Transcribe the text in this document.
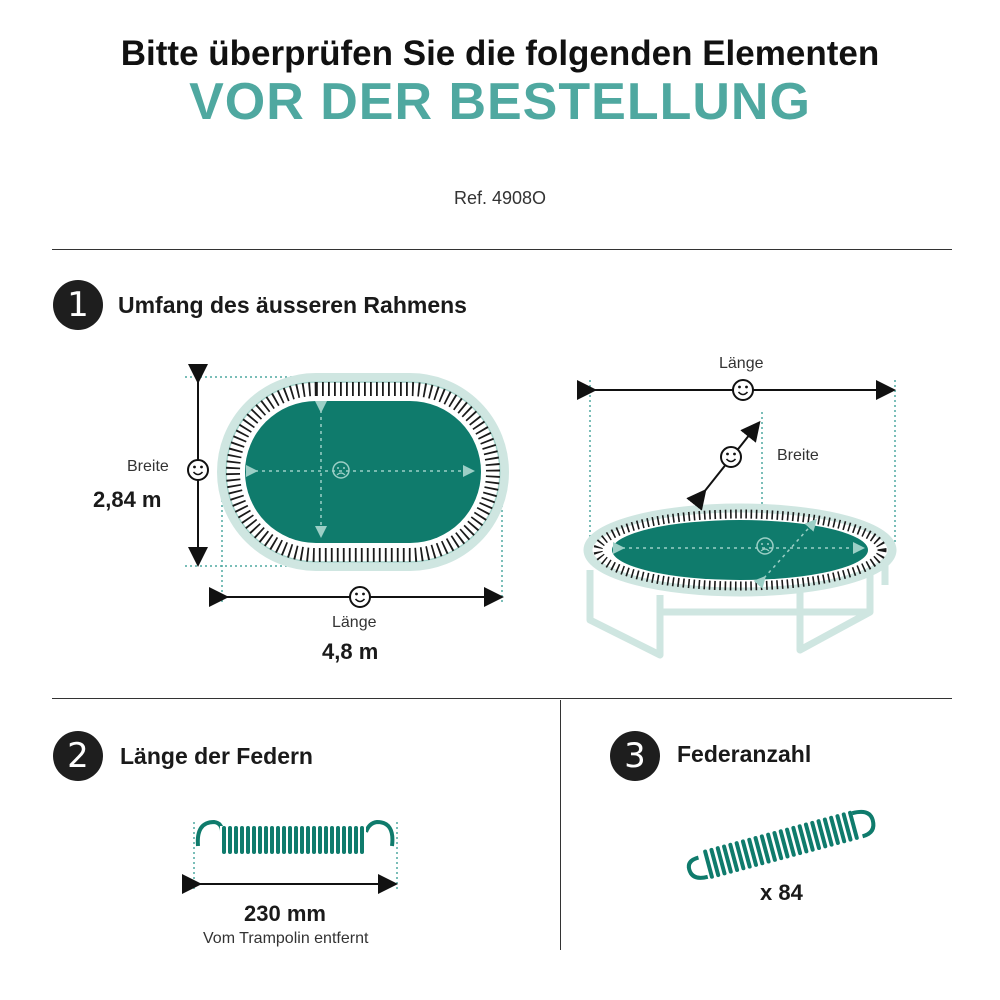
Bitte überprüfen Sie die folgenden Elementen
VOR DER BESTELLUNG
Ref. 4908O
1	Umfang des äusseren Rahmens
Breite
2,84 m
Länge
4,8 m
Länge
Breite
2	Länge der Federn
230 mm
Vom Trampolin entfernt
3	Federanzahl
x 84
